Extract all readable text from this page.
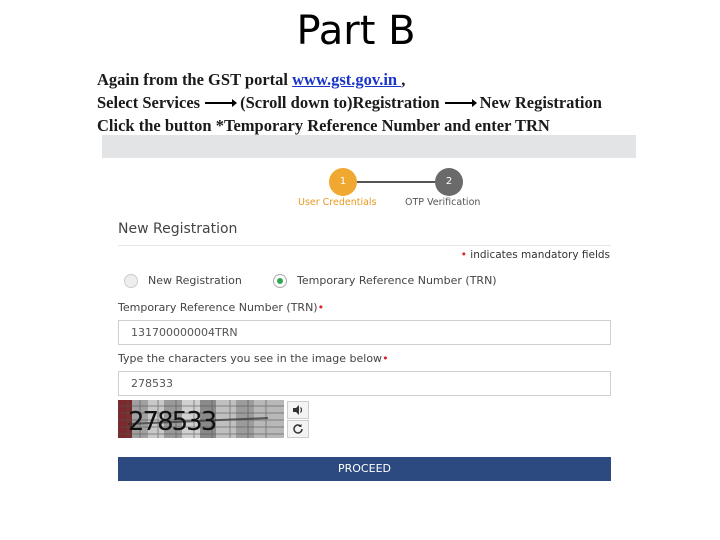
Part B
Again from the GST portal www.gst.gov.in ,
Select Services (Scroll down to)Registration New Registration
Click the button *Temporary Reference Number and enter TRN
1	2
User Credentials	OTP Verification
New Registration
• indicates mandatory fields
New Registration	Temporary Reference Number (TRN)
Temporary Reference Number (TRN)•
131700000004TRN
Type the characters you see in the image below•
278533
278533
PROCEED
